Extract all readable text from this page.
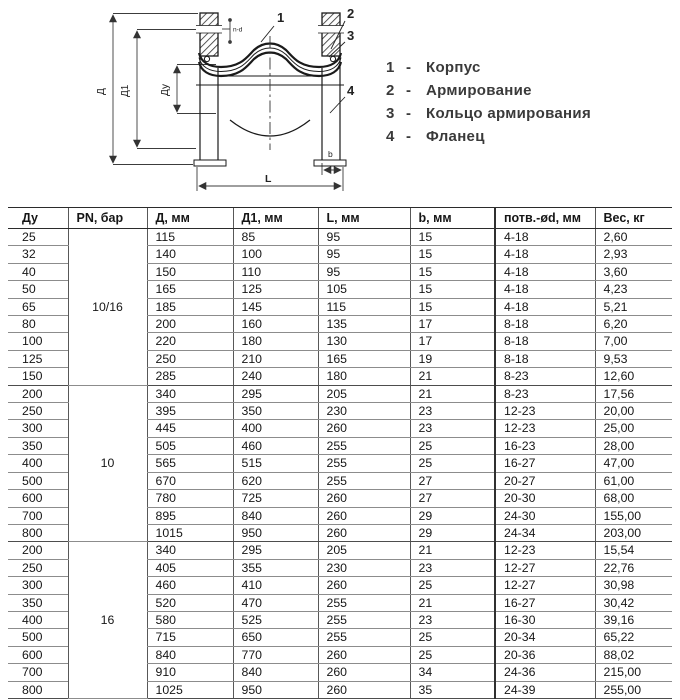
Д Д1	Ду
L
b
n-d
1	2
3
4
1 -	Корпус
2 -	Армирование
3 -	Кольцо армирования
4 -	Фланец
Ду	PN, бар	Д, мм	Д1, мм	L, мм	b, мм	потв.-ød, мм	Вес, кг
25	10/16	115	85	95	15	4-18	2,60
32		140	100	95	15	4-18	2,93
40		150	110	95	15	4-18	3,60
50		165	125	105	15	4-18	4,23
65		185	145	115	15	4-18	5,21
80		200	160	135	17	8-18	6,20
100		220	180	130	17	8-18	7,00
125		250	210	165	19	8-18	9,53
150		285	240	180	21	8-23	12,60
200	10	340	295	205	21	8-23	17,56
250		395	350	230	23	12-23	20,00
300		445	400	260	23	12-23	25,00
350		505	460	255	25	16-23	28,00
400		565	515	255	25	16-27	47,00
500		670	620	255	27	20-27	61,00
600		780	725	260	27	20-30	68,00
700		895	840	260	29	24-30	155,00
800		1015	950	260	29	24-34	203,00
200	16	340	295	205	21	12-23	15,54
250		405	355	230	23	12-27	22,76
300		460	410	260	25	12-27	30,98
350		520	470	255	21	16-27	30,42
400		580	525	255	23	16-30	39,16
500		715	650	255	25	20-34	65,22
600		840	770	260	25	20-36	88,02
700		910	840	260	34	24-36	215,00
800		1025	950	260	35	24-39	255,00
